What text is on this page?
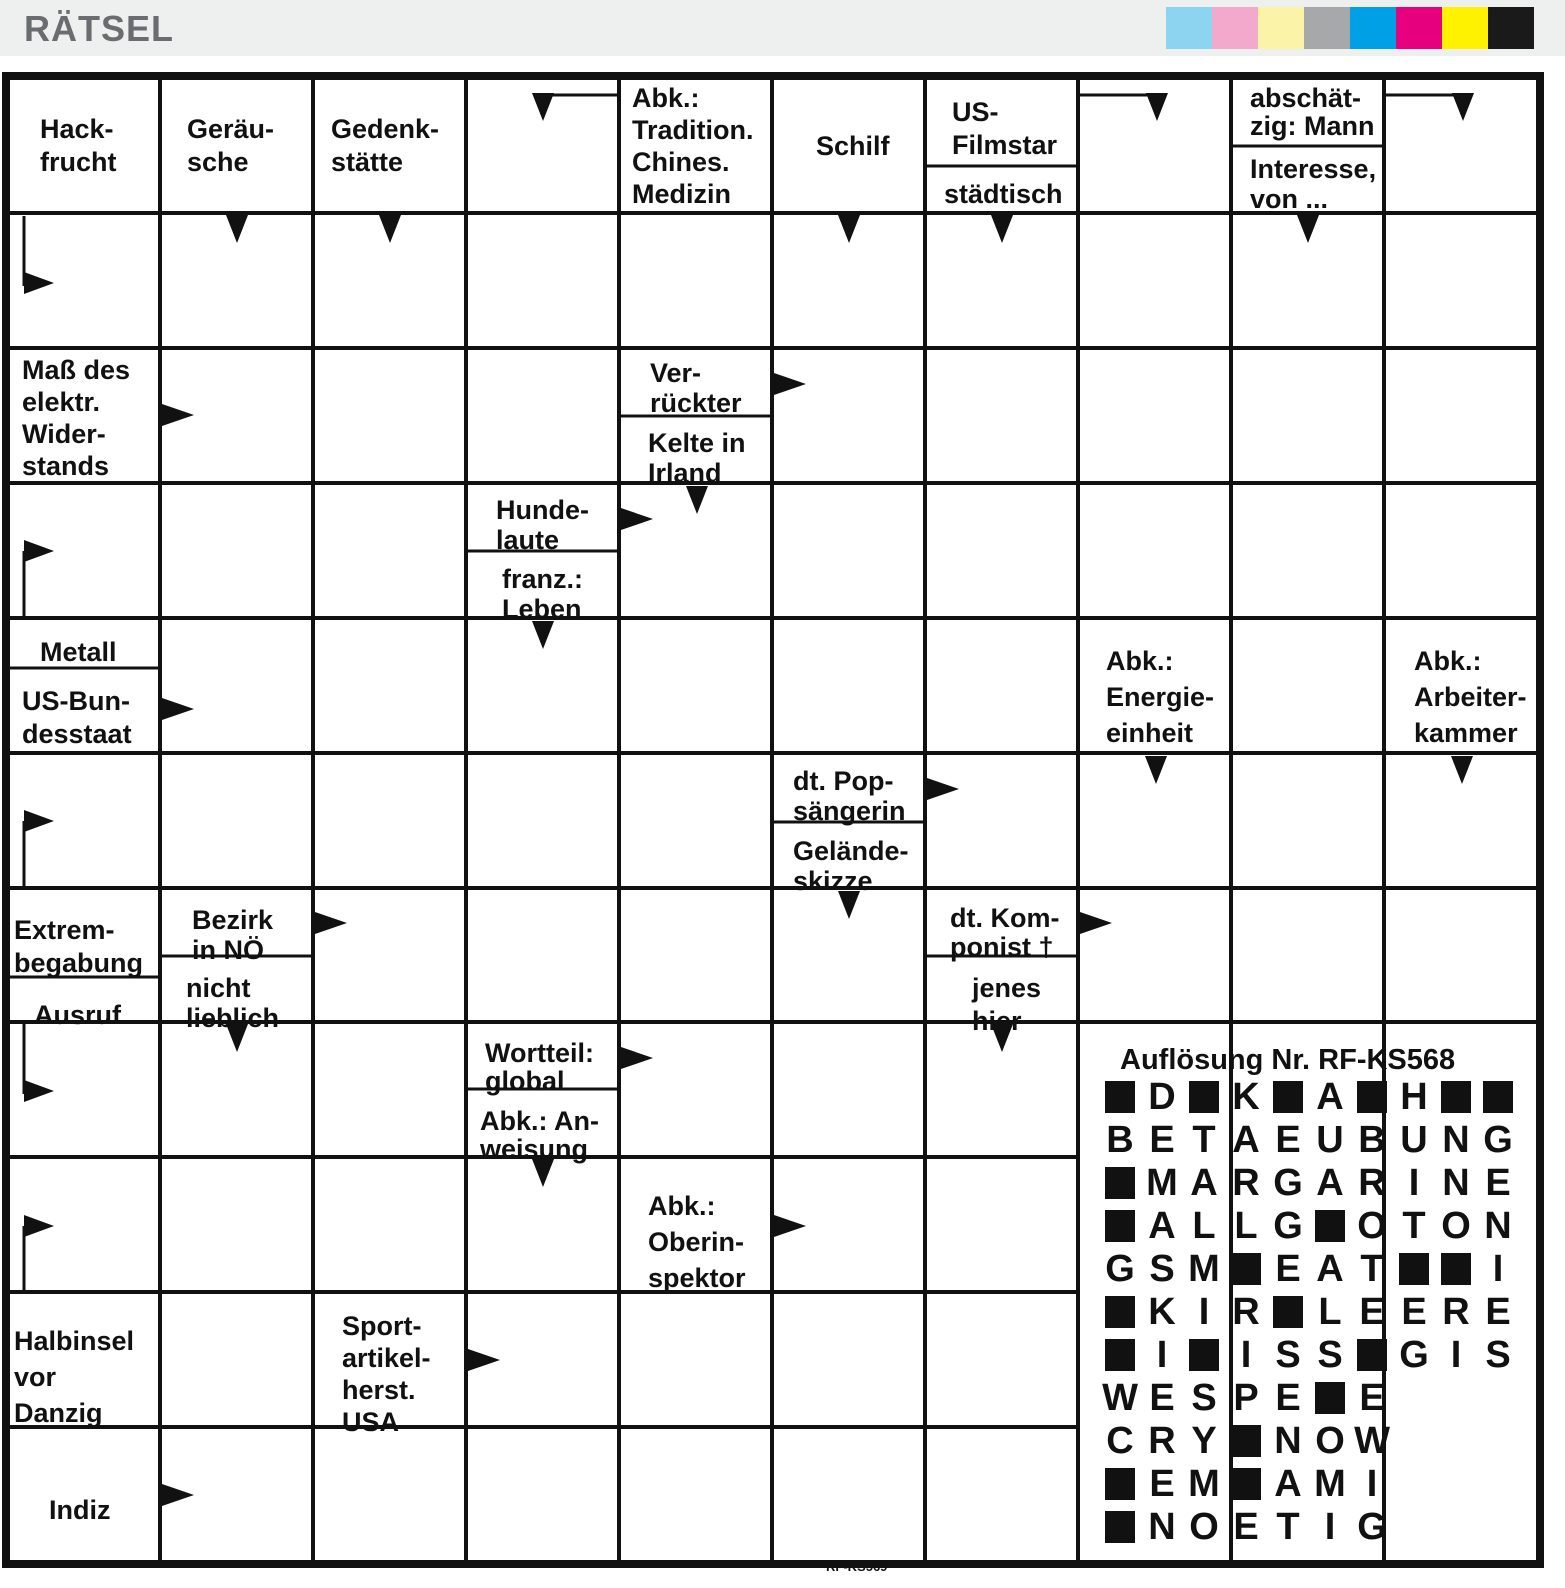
RÄTSEL
Hack-
frucht
Geräu-
sche
Gedenk-
stätte
Abk.:
Tradition.
Chines.
Medizin
Schilf
US-
Filmstar
städtisch
abschät-
zig: Mann
Interesse,
von ...
Maß des
elektr.
Wider-
stands
Ver-
rückter
Kelte in
Irland
Hunde-
laute
franz.:
Leben
Metall
US-Bun-
desstaat
Abk.:
Energie-
einheit
Abk.:
Arbeiter-
kammer
dt. Pop-
sängerin
Gelände-
skizze
Extrem-
begabung
Ausruf
Bezirk
in NÖ
nicht
lieblich
dt. Kom-
ponist †
jenes
hier
Wortteil:
global
Abk.: An-
weisung
Abk.:
Oberin-
spektor
Halbinsel
vor
Danzig
Sport-
artikel-
herst.
USA
Indiz
Auflösung Nr. RF-KS568
D K A H
B E T A E U B U N G
M A R G A R I N E
A L L G O T O N
G S M E A T	I
K I R L E E R E
I	I S S G I S
W E S P E E
C R Y N O W
E M A M I
N O E T I G
RF-KS569
